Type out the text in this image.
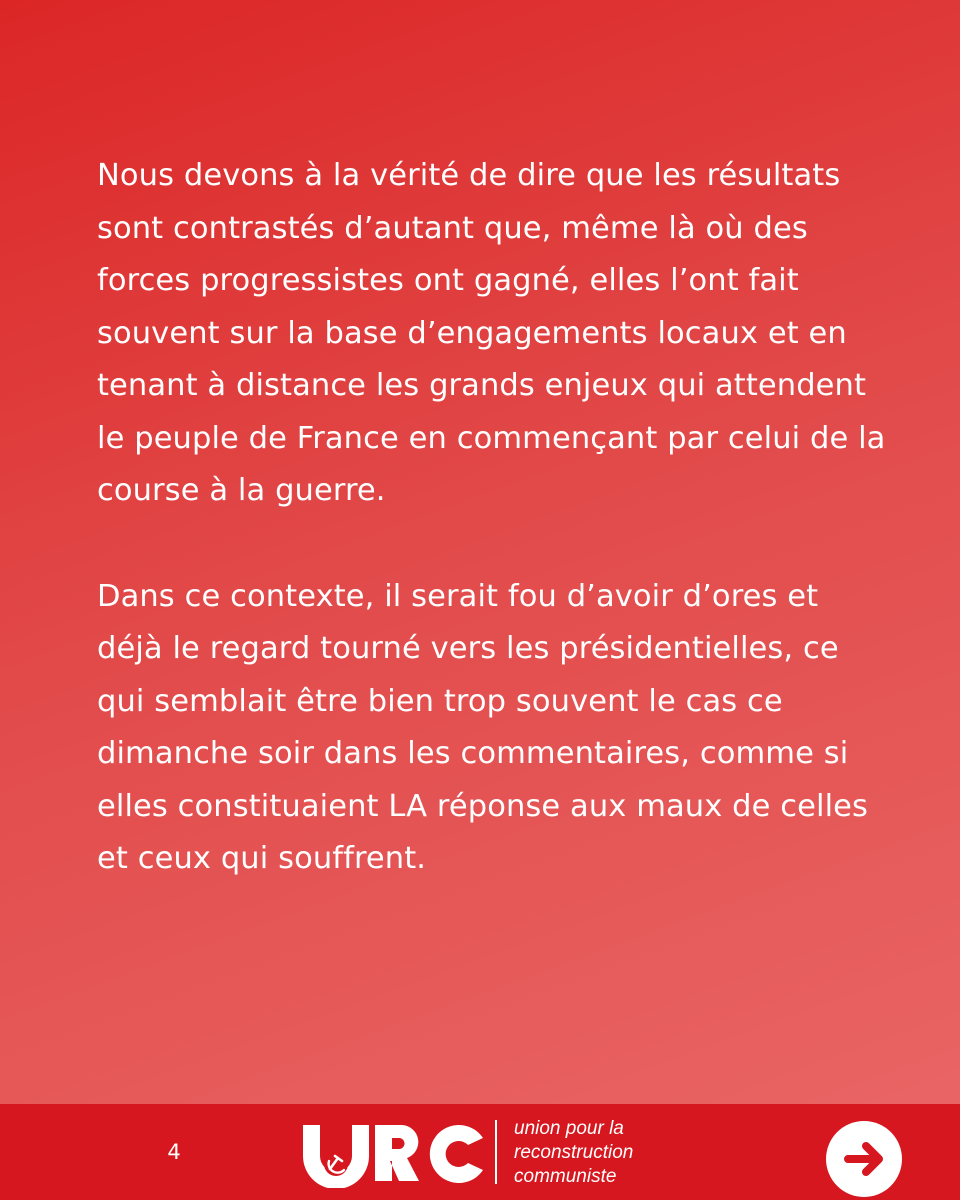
Nous devons à la vérité de dire que les résultats sont contrastés d’autant que, même là où des forces progressistes ont gagné, elles l’ont fait souvent sur la base d’engagements locaux et en tenant à distance les grands enjeux qui attendent le peuple de France en commençant par celui de la course à la guerre.

Dans ce contexte, il serait fou d’avoir d’ores et déjà le regard tourné vers les présidentielles, ce qui semblait être bien trop souvent le cas ce dimanche soir dans les commentaires, comme si elles constituaient LA réponse aux maux de celles et ceux qui souffrent.

4
union pour la
reconstruction
communiste
